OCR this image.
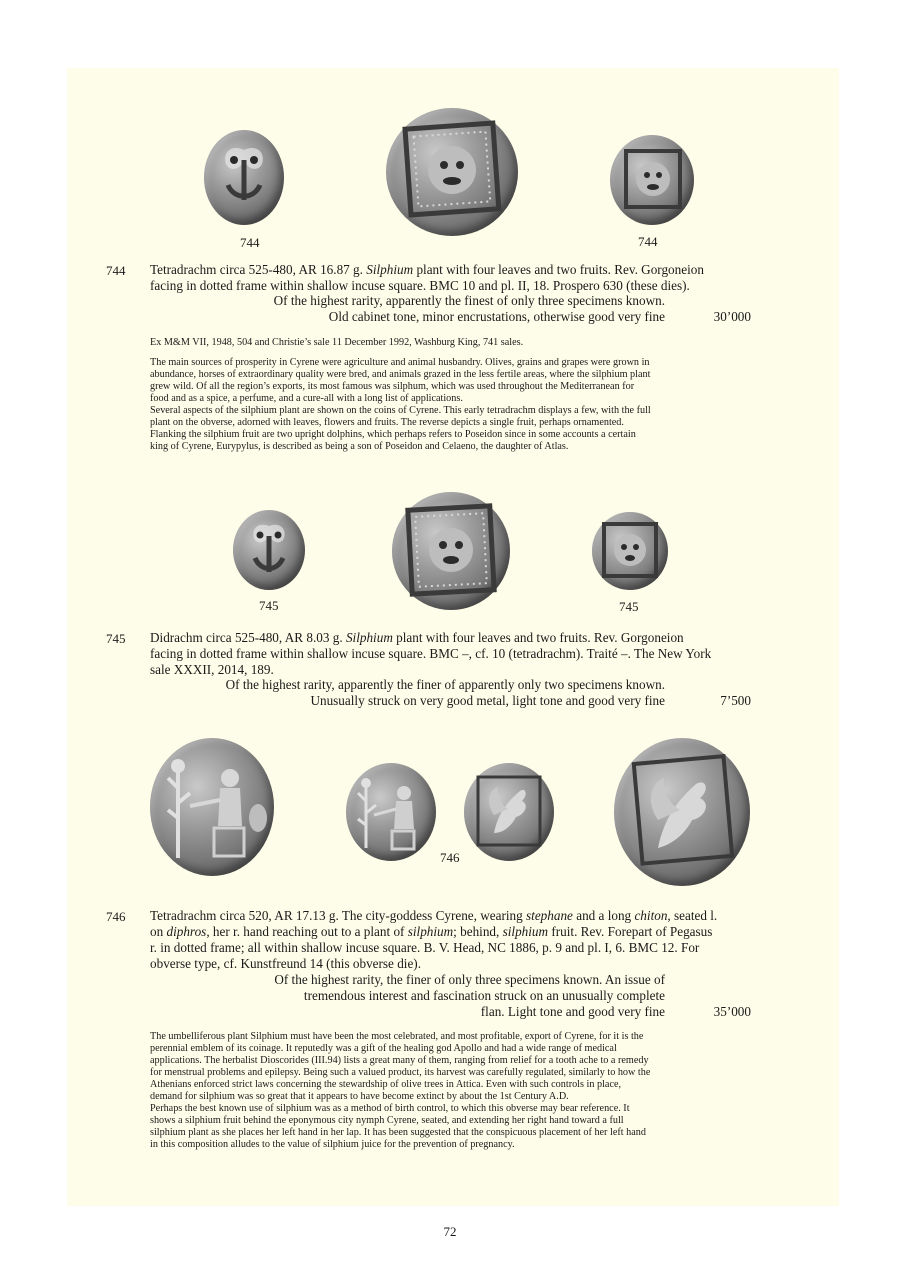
744	744
744 Tetradrachm circa 525-480, AR 16.87 g. Silphium plant with four leaves and two fruits. Rev. Gorgoneion
facing in dotted frame within shallow incuse square. BMC 10 and pl. II, 18. Prospero 630 (these dies).
Of the highest rarity, apparently the finest of only three specimens known.
Old cabinet tone, minor encrustations, otherwise good very fine	30’000
Ex M&M VII, 1948, 504 and Christie’s sale 11 December 1992, Washburg King, 741 sales.
The main sources of prosperity in Cyrene were agriculture and animal husbandry. Olives, grains and grapes were grown in
abundance, horses of extraordinary quality were bred, and animals grazed in the less fertile areas, where the silphium plant
grew wild. Of all the region’s exports, its most famous was silphum, which was used throughout the Mediterranean for
food and as a spice, a perfume, and a cure-all with a long list of applications.
Several aspects of the silphium plant are shown on the coins of Cyrene. This early tetradrachm displays a few, with the full
plant on the obverse, adorned with leaves, flowers and fruits. The reverse depicts a single fruit, perhaps ornamented.
Flanking the silphium fruit are two upright dolphins, which perhaps refers to Poseidon since in some accounts a certain
king of Cyrene, Eurypylus, is described as being a son of Poseidon and Celaeno, the daughter of Atlas.
745	745
745 Didrachm circa 525-480, AR 8.03 g. Silphium plant with four leaves and two fruits. Rev. Gorgoneion
facing in dotted frame within shallow incuse square. BMC –, cf. 10 (tetradrachm). Traité –. The New York
sale XXXII, 2014, 189.
Of the highest rarity, apparently the finer of apparently only two specimens known.
Unusually struck on very good metal, light tone and good very fine	7’500
746
746 Tetradrachm circa 520, AR 17.13 g. The city-goddess Cyrene, wearing stephane and a long chiton, seated l.
on diphros, her r. hand reaching out to a plant of silphium; behind, silphium fruit. Rev. Forepart of Pegasus
r. in dotted frame; all within shallow incuse square. B. V. Head, NC 1886, p. 9 and pl. I, 6. BMC 12. For
obverse type, cf. Kunstfreund 14 (this obverse die).
Of the highest rarity, the finer of only three specimens known. An issue of
tremendous interest and fascination struck on an unusually complete
flan. Light tone and good very fine	35’000
The umbelliferous plant Silphium must have been the most celebrated, and most profitable, export of Cyrene, for it is the
perennial emblem of its coinage. It reputedly was a gift of the healing god Apollo and had a wide range of medical
applications. The herbalist Dioscorides (III.94) lists a great many of them, ranging from relief for a tooth ache to a remedy
for menstrual problems and epilepsy. Being such a valued product, its harvest was carefully regulated, similarly to how the
Athenians enforced strict laws concerning the stewardship of olive trees in Attica. Even with such controls in place,
demand for silphium was so great that it appears to have become extinct by about the 1st Century A.D.
Perhaps the best known use of silphium was as a method of birth control, to which this obverse may bear reference. It
shows a silphium fruit behind the eponymous city nymph Cyrene, seated, and extending her right hand toward a full
silphium plant as she places her left hand in her lap. It has been suggested that the conspicuous placement of her left hand
in this composition alludes to the value of silphium juice for the prevention of pregnancy.
72
